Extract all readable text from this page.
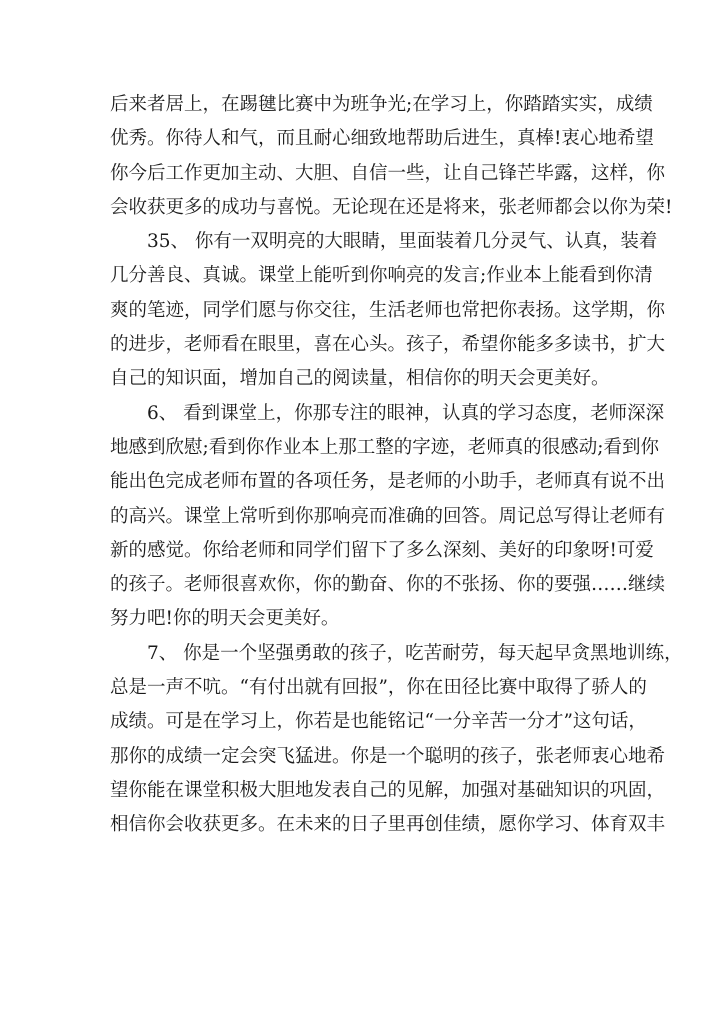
后来者居上，在踢毽比赛中为班争光;在学习上，你踏踏实实，成绩
优秀。你待人和气，而且耐心细致地帮助后进生，真棒!衷心地希望
你今后工作更加主动、大胆、自信一些，让自己锋芒毕露，这样，你
会收获更多的成功与喜悦。无论现在还是将来，张老师都会以你为荣!
35、 你有一双明亮的大眼睛，里面装着几分灵气、认真，装着
几分善良、真诚。课堂上能听到你响亮的发言;作业本上能看到你清
爽的笔迹，同学们愿与你交往，生活老师也常把你表扬。这学期，你
的进步，老师看在眼里，喜在心头。孩子，希望你能多多读书，扩大
自己的知识面，增加自己的阅读量，相信你的明天会更美好。
6、 看到课堂上，你那专注的眼神，认真的学习态度，老师深深
地感到欣慰;看到你作业本上那工整的字迹，老师真的很感动;看到你
能出色完成老师布置的各项任务，是老师的小助手，老师真有说不出
的高兴。课堂上常听到你那响亮而准确的回答。周记总写得让老师有
新的感觉。你给老师和同学们留下了多么深刻、美好的印象呀!可爱
的孩子。老师很喜欢你，你的勤奋、你的不张扬、你的要强……继续
努力吧!你的明天会更美好。
7、 你是一个坚强勇敢的孩子，吃苦耐劳，每天起早贪黑地训练，
总是一声不吭。“有付出就有回报”，你在田径比赛中取得了骄人的
成绩。可是在学习上，你若是也能铭记“一分辛苦一分才”这句话，
那你的成绩一定会突飞猛进。你是一个聪明的孩子，张老师衷心地希
望你能在课堂积极大胆地发表自己的见解，加强对基础知识的巩固，
相信你会收获更多。在未来的日子里再创佳绩，愿你学习、体育双丰
